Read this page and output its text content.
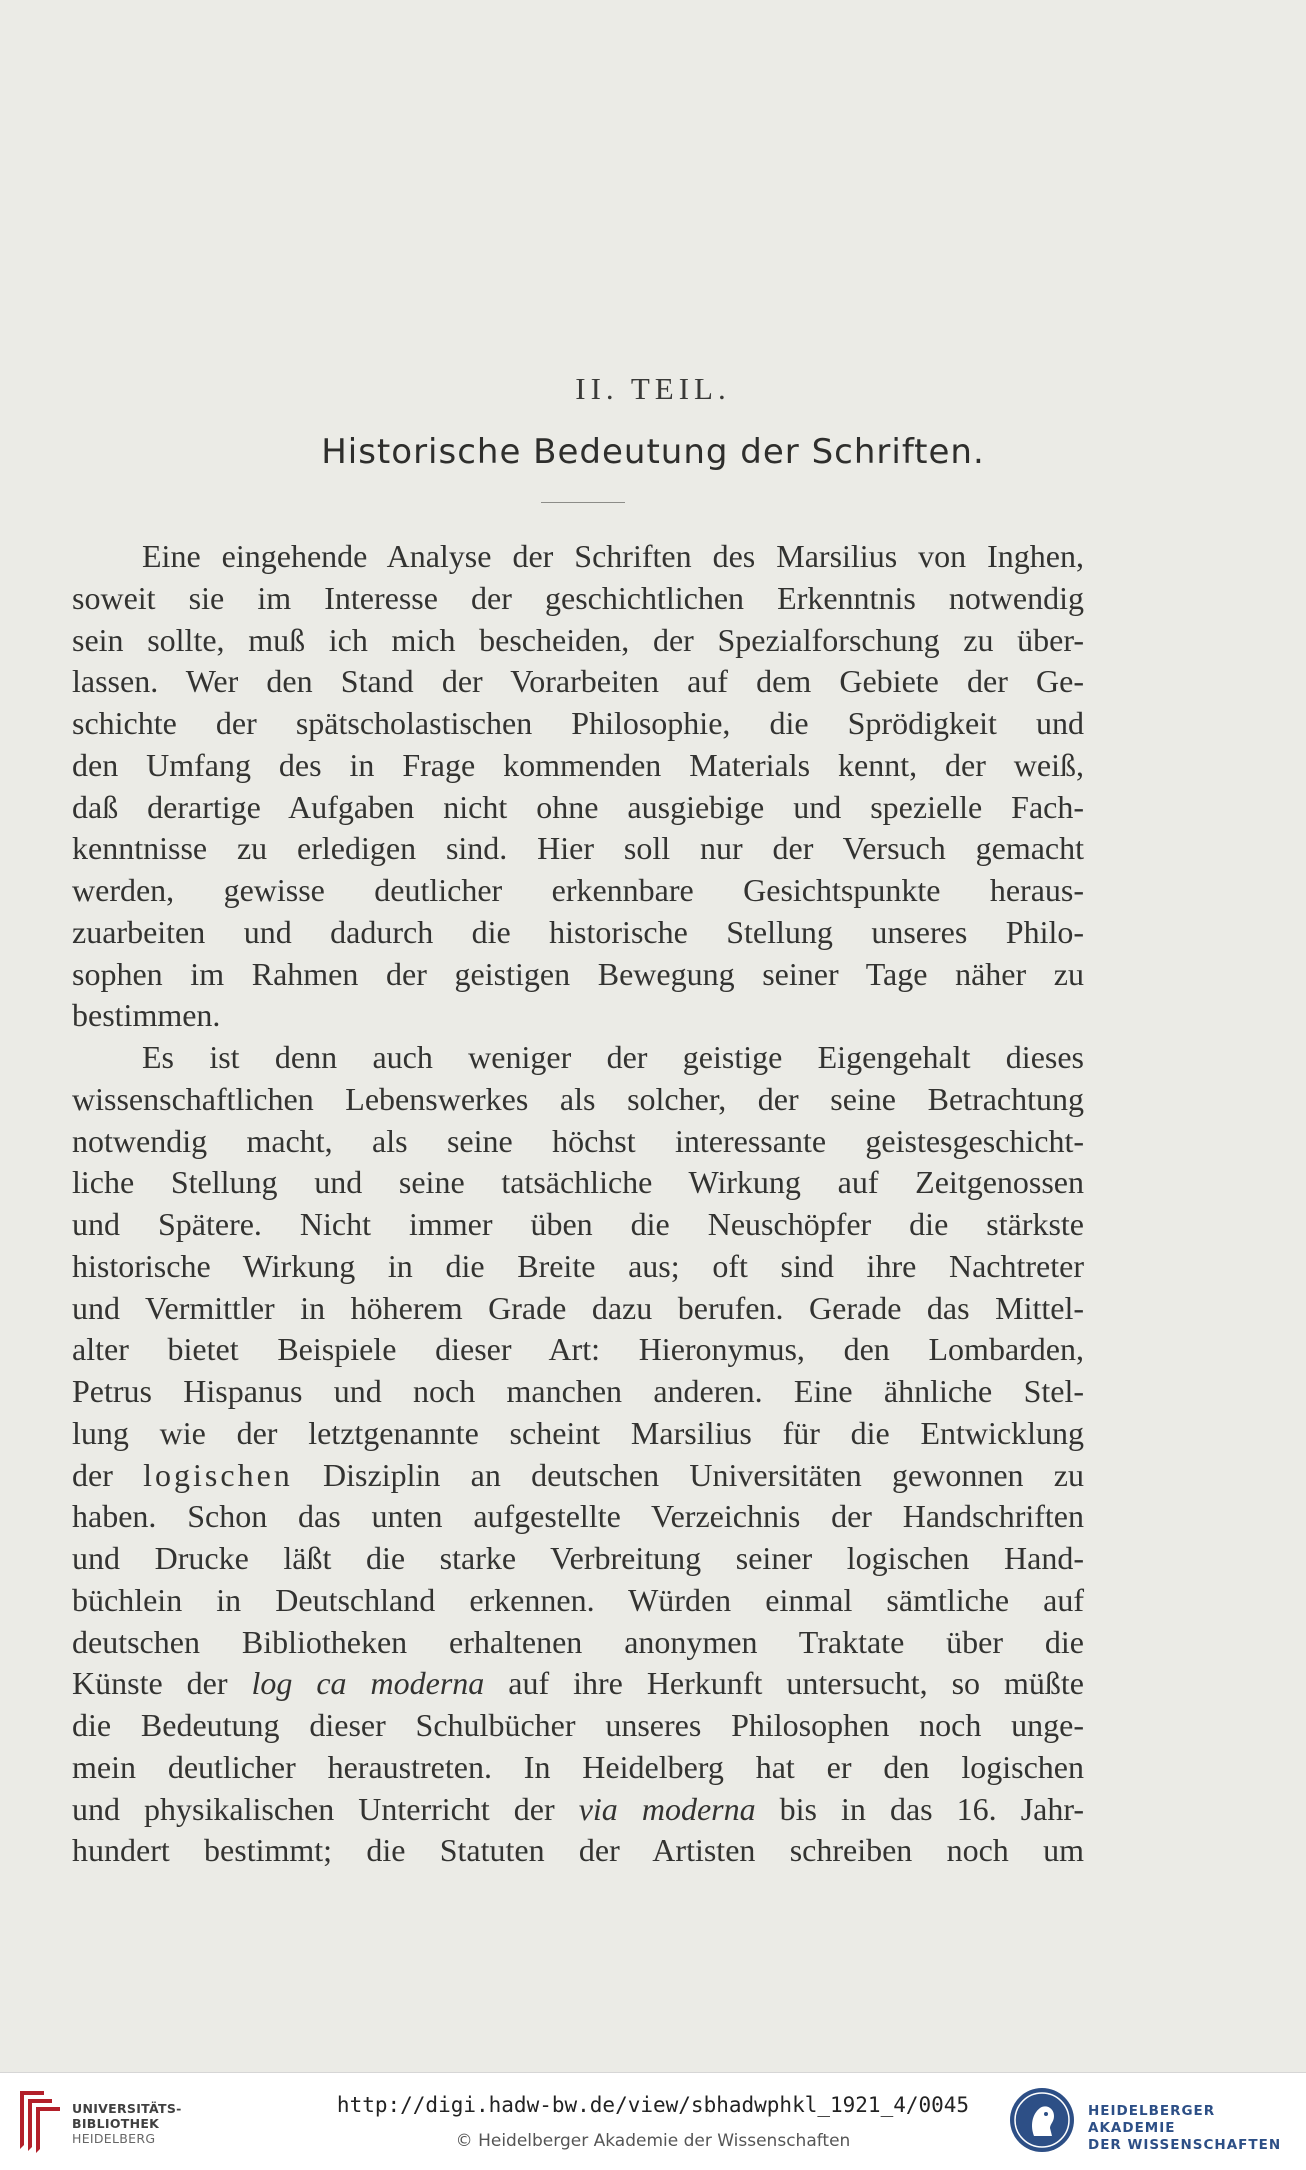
II. TEIL.
Historische Bedeutung der Schriften.
Eine eingehende Analyse der Schriften des Marsilius von Inghen,
soweit sie im Interesse der geschichtlichen Erkenntnis notwendig
sein sollte, muß ich mich bescheiden, der Spezialforschung zu über-
lassen. Wer den Stand der Vorarbeiten auf dem Gebiete der Ge-
schichte der spätscholastischen Philosophie, die Sprödigkeit und
den Umfang des in Frage kommenden Materials kennt, der weiß,
daß derartige Aufgaben nicht ohne ausgiebige und spezielle Fach-
kenntnisse zu erledigen sind. Hier soll nur der Versuch gemacht
werden, gewisse deutlicher erkennbare Gesichtspunkte heraus-
zuarbeiten und dadurch die historische Stellung unseres Philo-
sophen im Rahmen der geistigen Bewegung seiner Tage näher zu
bestimmen.
Es ist denn auch weniger der geistige Eigengehalt dieses
wissenschaftlichen Lebenswerkes als solcher, der seine Betrachtung
notwendig macht, als seine höchst interessante geistesgeschicht-
liche Stellung und seine tatsächliche Wirkung auf Zeitgenossen
und Spätere. Nicht immer üben die Neuschöpfer die stärkste
historische Wirkung in die Breite aus; oft sind ihre Nachtreter
und Vermittler in höherem Grade dazu berufen. Gerade das Mittel-
alter bietet Beispiele dieser Art: Hieronymus, den Lombarden,
Petrus Hispanus und noch manchen anderen. Eine ähnliche Stel-
lung wie der letztgenannte scheint Marsilius für die Entwicklung
der logischen Disziplin an deutschen Universitäten gewonnen zu
haben. Schon das unten aufgestellte Verzeichnis der Handschriften
und Drucke läßt die starke Verbreitung seiner logischen Hand-
büchlein in Deutschland erkennen. Würden einmal sämtliche auf
deutschen Bibliotheken erhaltenen anonymen Traktate über die
Künste der log ca moderna auf ihre Herkunft untersucht, so müßte
die Bedeutung dieser Schulbücher unseres Philosophen noch unge-
mein deutlicher heraustreten. In Heidelberg hat er den logischen
und physikalischen Unterricht der via moderna bis in das 16. Jahr-
hundert bestimmt; die Statuten der Artisten schreiben noch um
UNIVERSITÄTS-
BIBLIOTHEK
HEIDELBERG
http://digi.hadw-bw.de/view/sbhadwphkl_1921_4/0045
© Heidelberger Akademie der Wissenschaften
HEIDELBERGER AKADEMIE
DER WISSENSCHAFTEN
